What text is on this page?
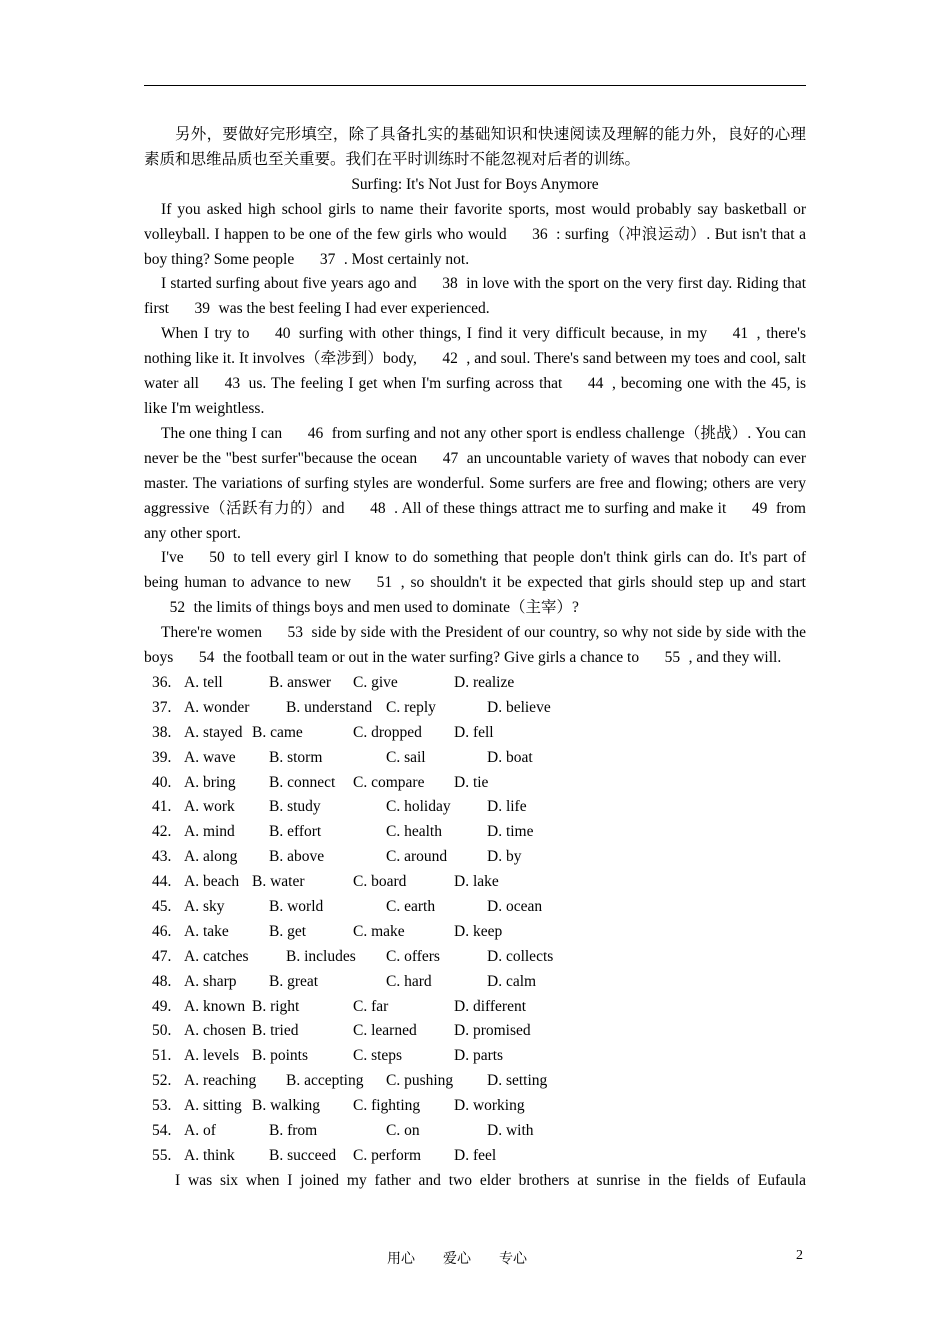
另外，要做好完形填空，除了具备扎实的基础知识和快速阅读及理解的能力外，良好的心理素质和思维品质也至关重要。我们在平时训练时不能忽视对后者的训练。

Surfing: It's Not Just for Boys Anymore

If you asked high school girls to name their favorite sports, most would probably say basketball or volleyball. I happen to be one of the few girls who would 36 : surfing（冲浪运动）. But isn't that a boy thing? Some people 37 . Most certainly not.

I started surfing about five years ago and 38 in love with the sport on the very first day. Riding that first 39 was the best feeling I had ever experienced.

When I try to 40 surfing with other things, I find it very difficult because, in my 41 , there's nothing like it. It involves（牵涉到）body, 42 , and soul. There's sand between my toes and cool, salt water all 43 us. The feeling I get when I'm surfing across that 44 , becoming one with the 45, is like I'm weightless.

The one thing I can 46 from surfing and not any other sport is endless challenge（挑战）. You can never be the "best surfer"because the ocean 47 an uncountable variety of waves that nobody can ever master. The variations of surfing styles are wonderful. Some surfers are free and flowing; others are very aggressive（活跃有力的）and 48 . All of these things attract me to surfing and make it 49 from any other sport.

I've 50 to tell every girl I know to do something that people don't think girls can do. It's part of being human to advance to new 51 , so shouldn't it be expected that girls should step up and start52 the limits of things boys and men used to dominate（主宰）?

There're women 53 side by side with the President of our country, so why not side by side with the boys 54 the football team or out in the water surfing? Give girls a chance to 55 , and they will.

36. A. tell	B. answer	C. give	D. realize
37. A. wonder	B. understand C. reply	D. believe
38. A. stayed B. came	C. dropped	D. fell
39. A. wave	B. storm	C. sail	D. boat
40. A. bring	B. connect	C. compare	D. tie
41. A. work	B. study	C. holiday	D. life
42. A. mind	B. effort	C. health	D. time
43. A. along	B. above	C. around	D. by
44. A. beach B. water	C. board	D. lake
45. A. sky	B. world	C. earth	D. ocean
46. A. take	B. get	C. make	D. keep
47. A. catches	B. includes	C. offers	D. collects
48. A. sharp	B. great	C. hard	D. calm
49. A. known B. right	C. far	D. different
50. A. chosen B. tried	C. learned	D. promised
51. A. levels B. points	C. steps	D. parts
52. A. reaching	B. accepting	C. pushing	D. setting
53. A. sitting B. walking	C. fighting	D. working
54. A. of	B. from	C. on	D. with
55. A. think	B. succeed	C. perform	D. feel

I was six when I joined my father and two elder brothers at sunrise in the fields of Eufaula

用心 爱心 专心	2
